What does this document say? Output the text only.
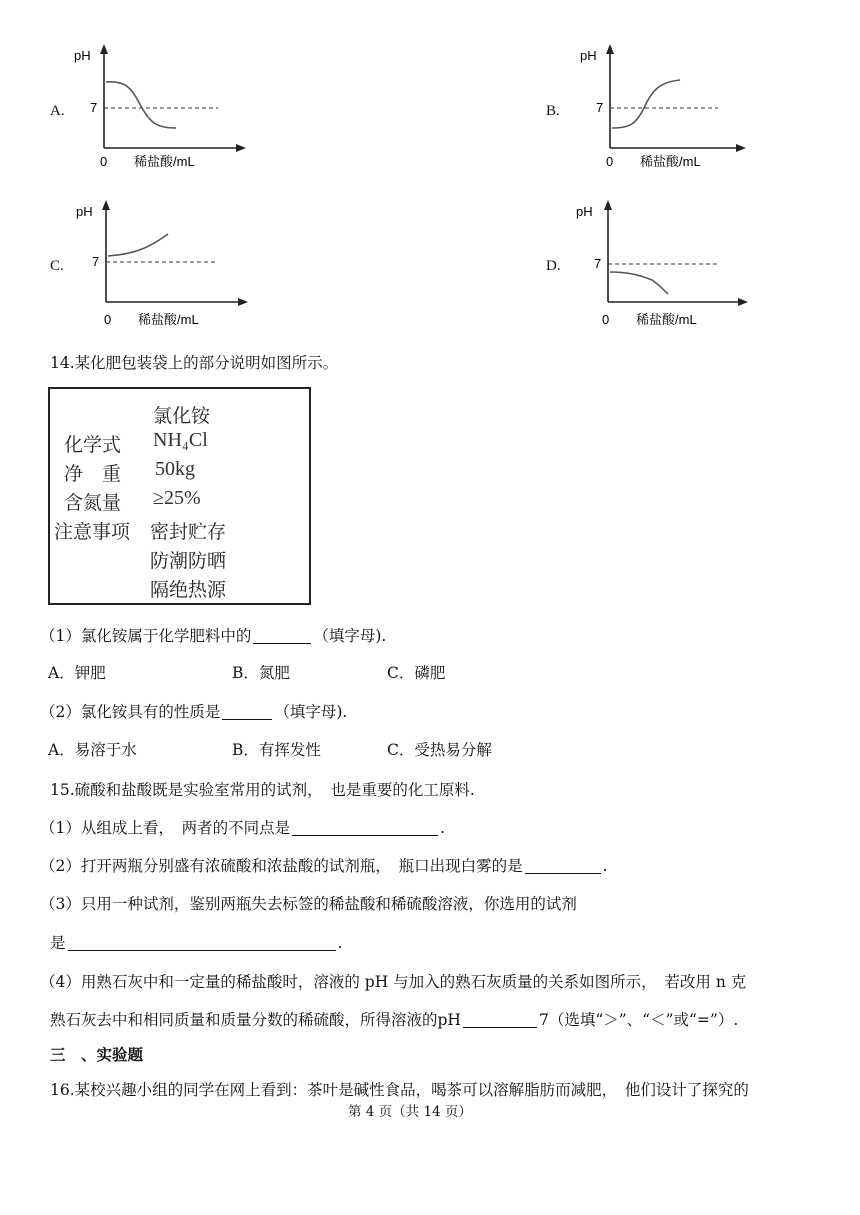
A.
pH
7
0 稀盐酸/mL
B.
pH
7
0 稀盐酸/mL
C.
pH
7
0 稀盐酸/mL
D.
pH
7
0 稀盐酸/mL
14.某化肥包装袋上的部分说明如图所示。
氯化铵
化学式 NH₄Cl
净　重 50kg
含氮量 ≥25%
注意事项 密封贮存
防潮防晒
隔绝热源
（1）氯化铵属于化学肥料中的	（填字母).
A．钾肥	B．氮肥	C．磷肥
（2）氯化铵具有的性质是	（填字母).
A．易溶于水	B．有挥发性	C．受热易分解
15.硫酸和盐酸既是实验室常用的试剂，　也是重要的化工原料.
（1）从组成上看，　两者的不同点是	.
（2）打开两瓶分别盛有浓硫酸和浓盐酸的试剂瓶，　瓶口出现白雾的是	.
（3）只用一种试剂，鉴别两瓶失去标签的稀盐酸和稀硫酸溶液，你选用的试剂
是	.
（4）用熟石灰中和一定量的稀盐酸时，溶液的 pH 与加入的熟石灰质量的关系如图所示，　若改用 n 克
熟石灰去中和相同质量和质量分数的稀硫酸，所得溶液的pH	7（选填“＞”、“＜”或“=”）.
三　、实验题
16.某校兴趣小组的同学在网上看到：茶叶是碱性食品，喝茶可以溶解脂肪而减肥，　他们设计了探究的
第 4 页（共 14 页）
